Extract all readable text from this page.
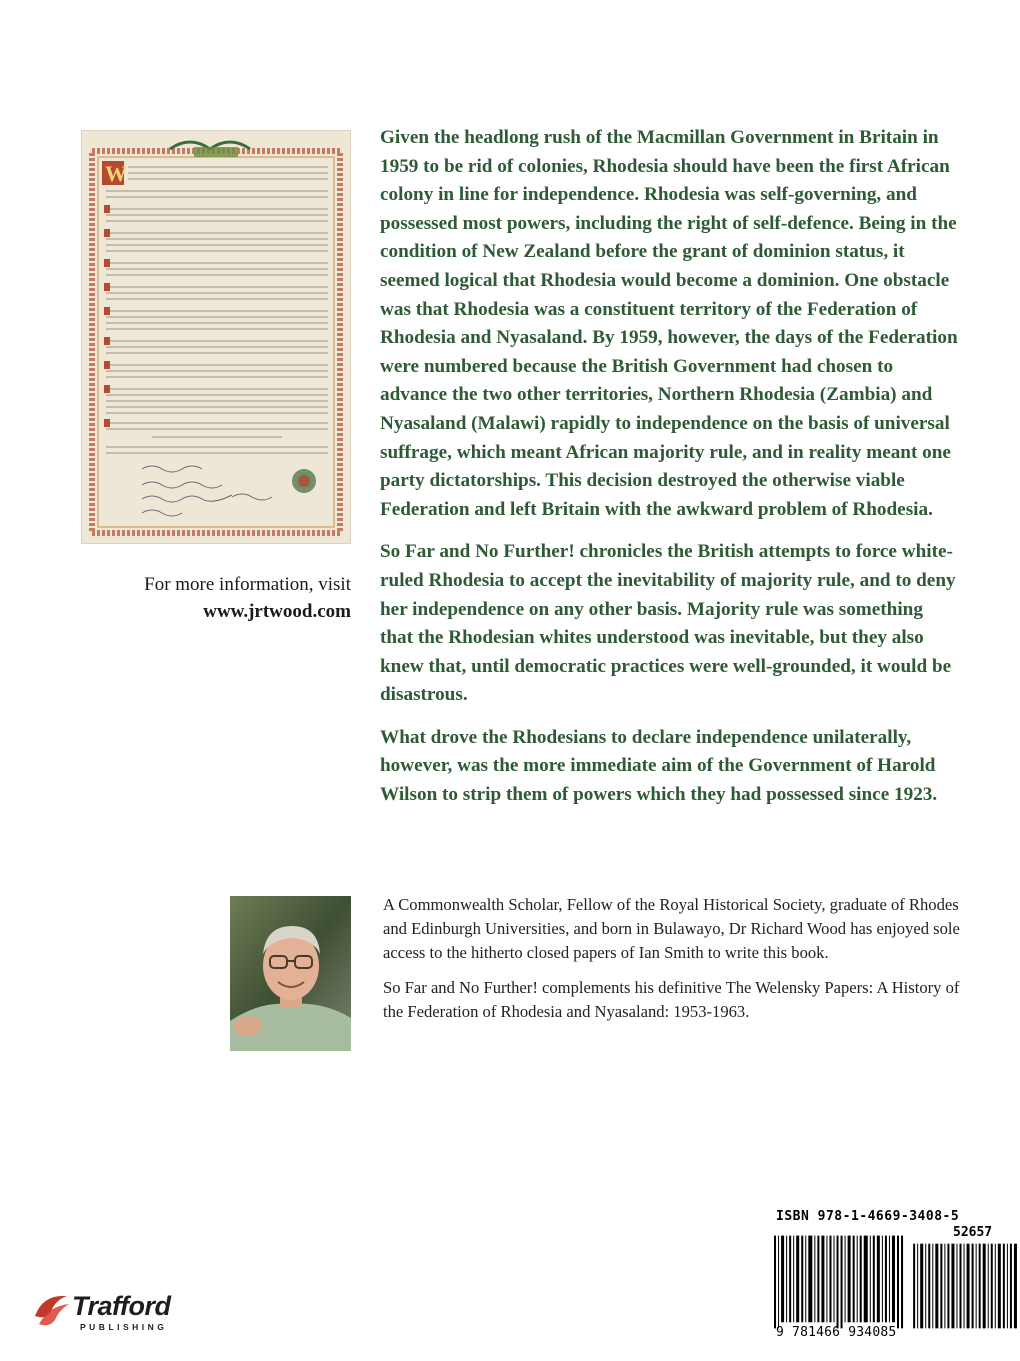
W
For more information, visit
www.jrtwood.com

Given the headlong rush of the Macmillan Government in Britain in 1959 to be rid of colonies, Rhodesia should have been the first African colony in line for independence. Rhodesia was self-governing, and possessed most powers, including the right of self-defence. Being in the condition of New Zealand before the grant of dominion status, it seemed logical that Rhodesia would become a dominion. One obstacle was that Rhodesia was a constituent territory of the Federation of Rhodesia and Nyasaland. By 1959, however, the days of the Federation were numbered because the British Government had chosen to advance the two other territories, Northern Rhodesia (Zambia) and Nyasaland (Malawi) rapidly to independence on the basis of universal suffrage, which meant African majority rule, and in reality meant one party dictatorships. This decision destroyed the otherwise viable Federation and left Britain with the awkward problem of Rhodesia.

So Far and No Further! chronicles the British attempts to force white-ruled Rhodesia to accept the inevitability of majority rule, and to deny her independence on any other basis. Majority rule was something that the Rhodesian whites understood was inevitable, but they also knew that, until democratic practices were well-grounded, it would be disastrous.

What drove the Rhodesians to declare independence unilaterally, however, was the more immediate aim of the Government of Harold Wilson to strip them of powers which they had possessed since 1923.

A Commonwealth Scholar, Fellow of the Royal Historical Society, graduate of Rhodes and Edinburgh Universities, and born in Bulawayo, Dr Richard Wood has enjoyed sole access to the hitherto closed papers of Ian Smith to write this book.

So Far and No Further! complements his definitive The Welensky Papers: A History of the Federation of Rhodesia and Nyasaland: 1953-1963.

ISBN 978-1-4669-3408-5
52657
9 781466 934085
Trafford
PUBLISHING
